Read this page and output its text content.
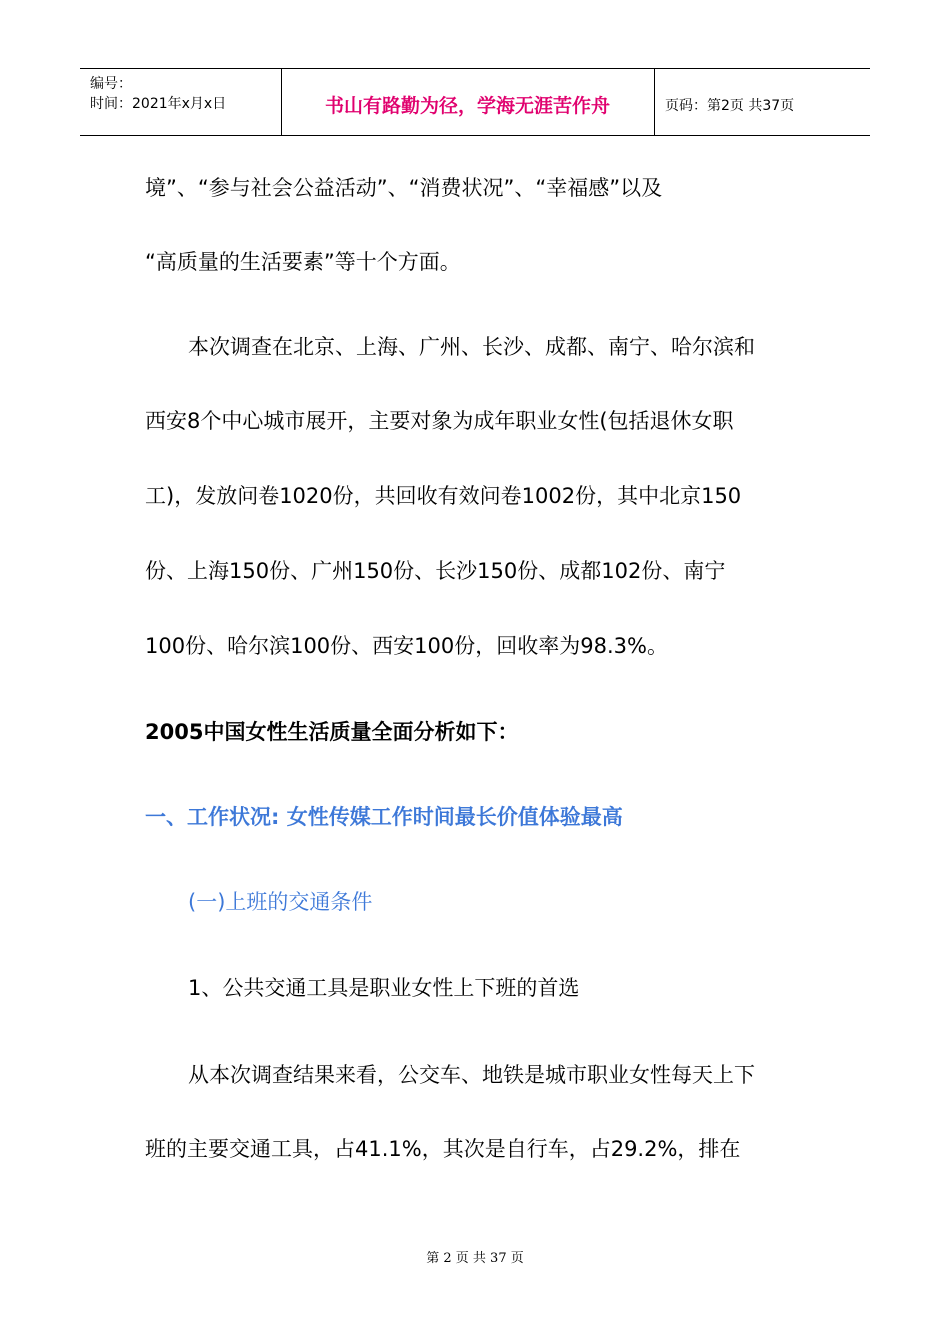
编号：
时间：2021年x月x日	书山有路勤为径，学海无涯苦作舟	页码：第2页 共37页
境”、“参与社会公益活动”、“消费状况”、“幸福感”以及
“高质量的生活要素”等十个方面。
本次调查在北京、上海、广州、长沙、成都、南宁、哈尔滨和
西安8个中心城市展开，主要对象为成年职业女性(包括退休女职
工)，发放问卷1020份，共回收有效问卷1002份，其中北京150
份、上海150份、广州150份、长沙150份、成都102份、南宁
100份、哈尔滨100份、西安100份，回收率为98.3%。
2005中国女性生活质量全面分析如下：
一、工作状况: 女性传媒工作时间最长价值体验最高
(一)上班的交通条件
1、公共交通工具是职业女性上下班的首选
从本次调查结果来看，公交车、地铁是城市职业女性每天上下
班的主要交通工具，占41.1%，其次是自行车，占29.2%，排在
第 2 页 共 37 页
